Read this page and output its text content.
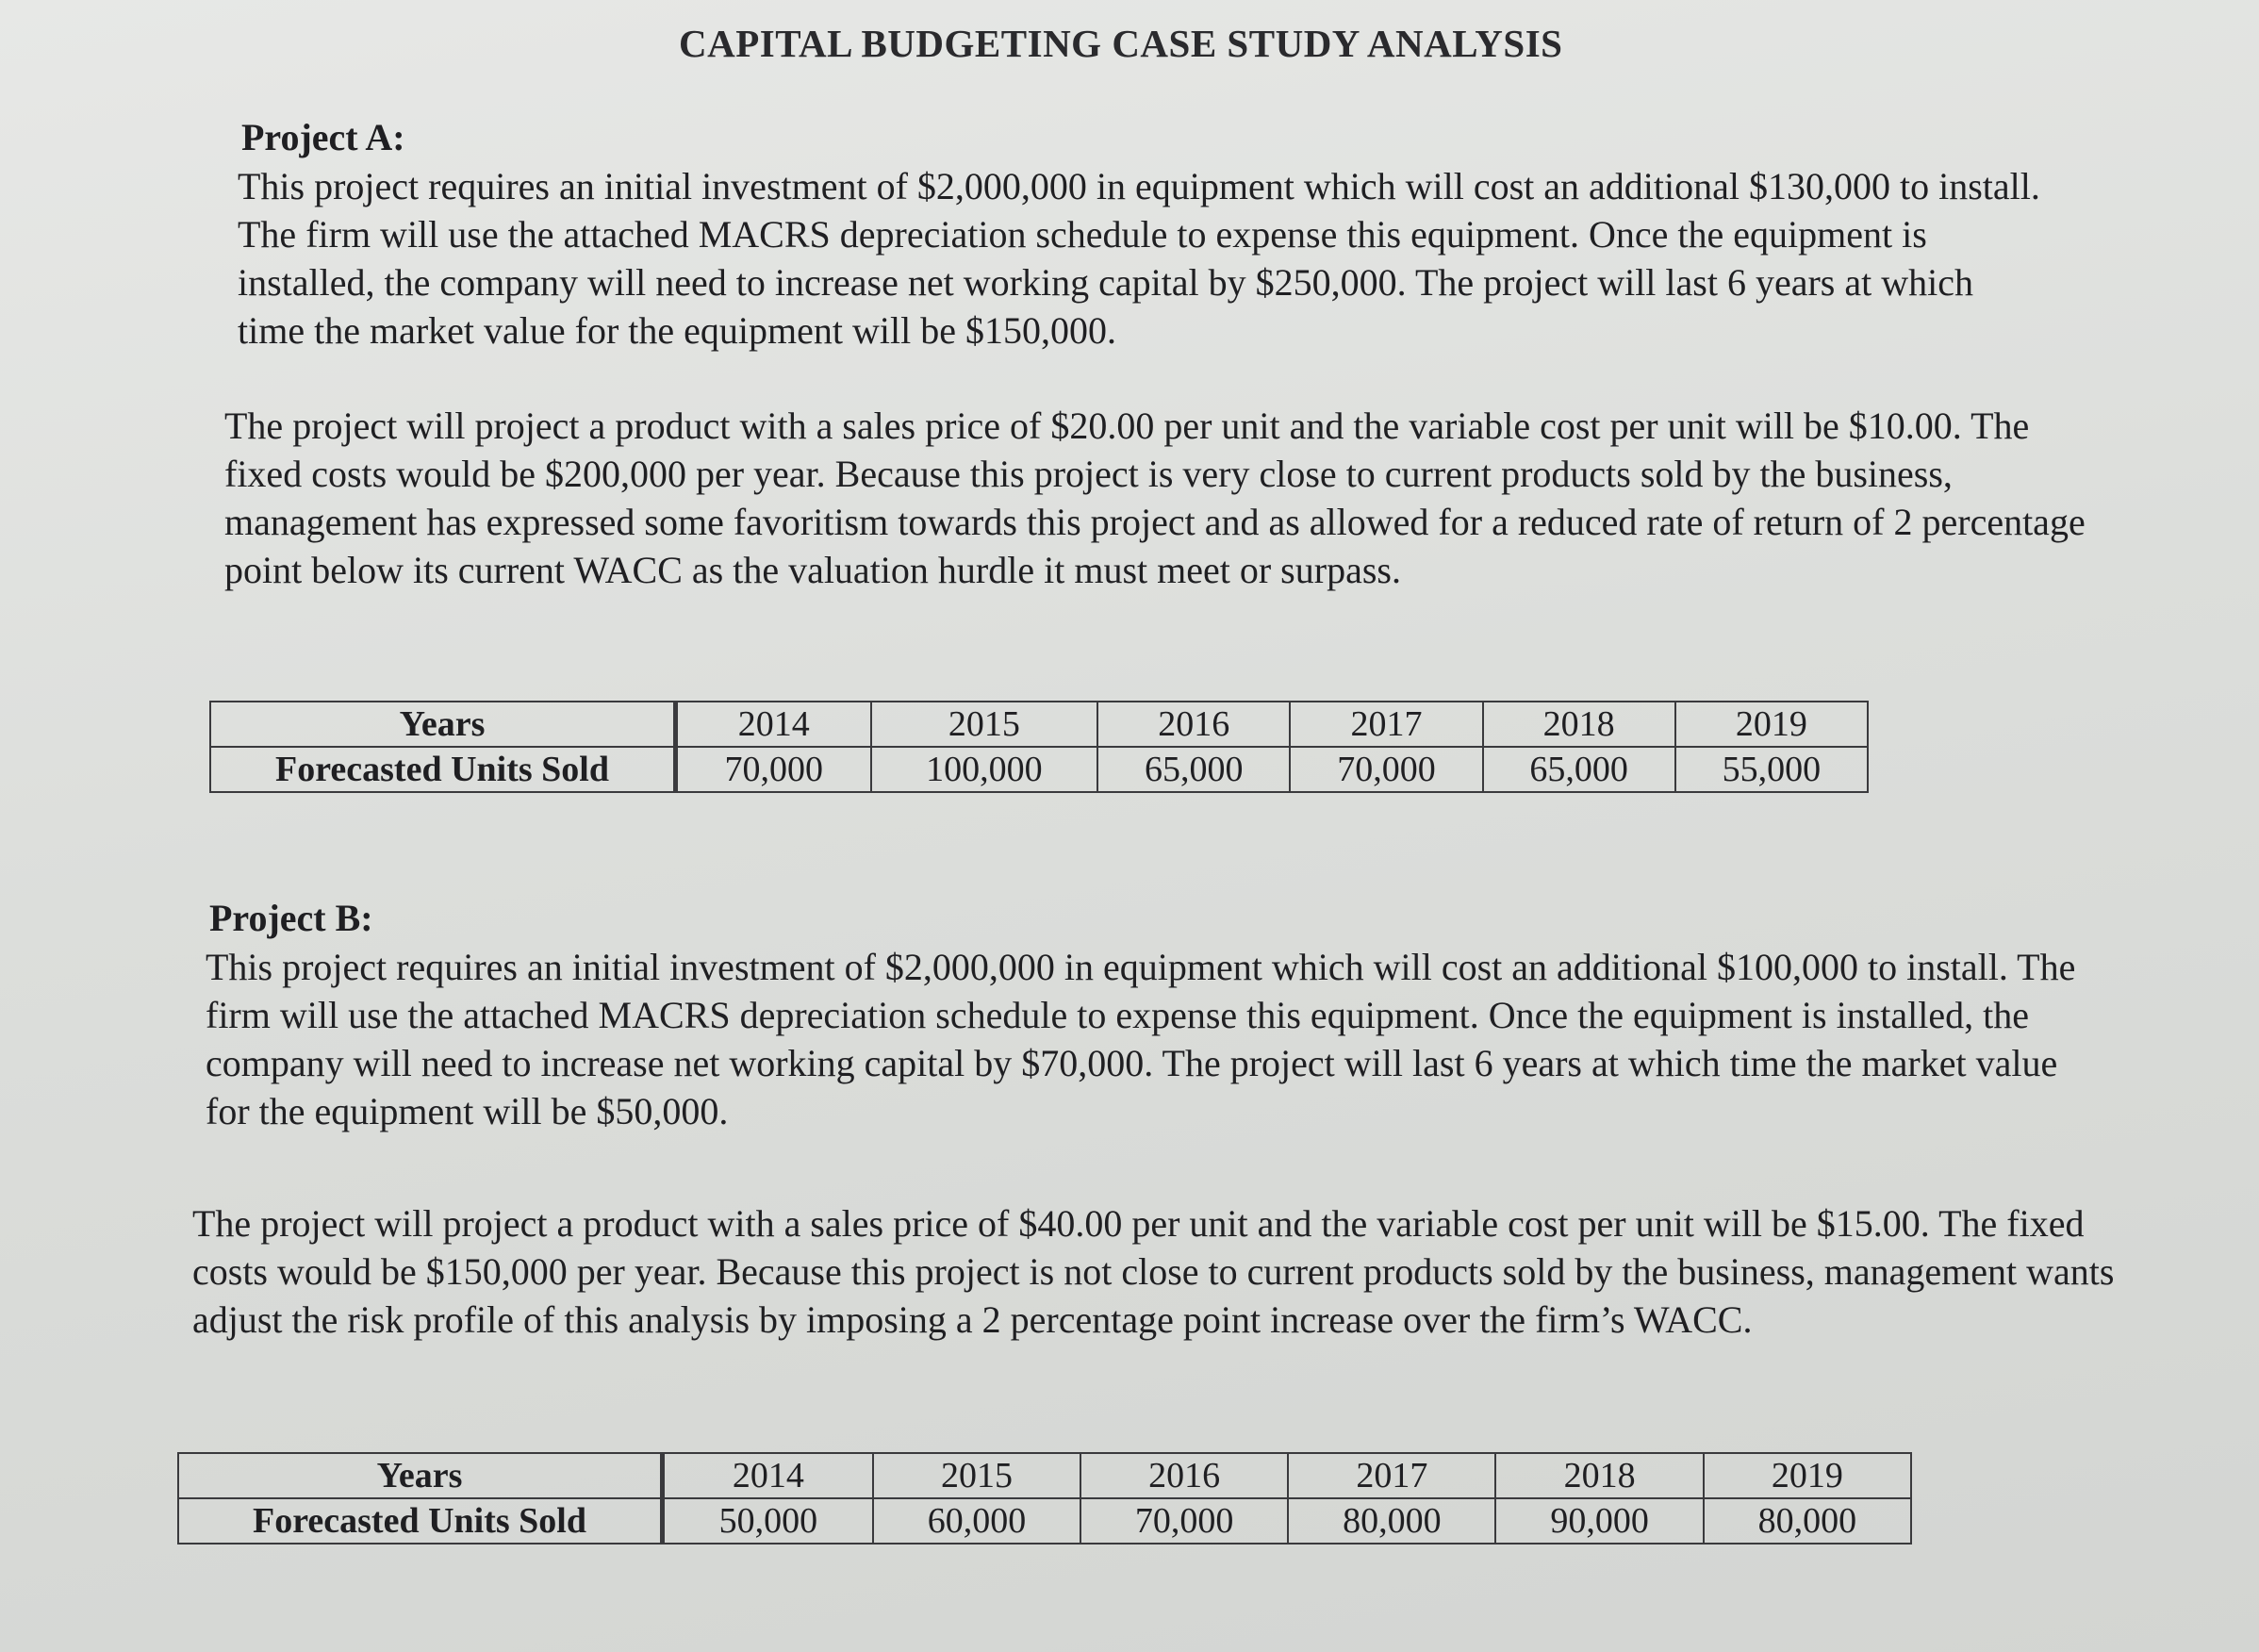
CAPITAL BUDGETING CASE STUDY ANALYSIS
Project A:
This project requires an initial investment of $2,000,000 in equipment which will cost an additional $130,000 to install. The firm will use the attached MACRS depreciation schedule to expense this equipment. Once the equipment is installed, the company will need to increase net working capital by $250,000. The project will last 6 years at which time the market value for the equipment will be $150,000.
The project will project a product with a sales price of $20.00 per unit and the variable cost per unit will be $10.00. The fixed costs would be $200,000 per year. Because this project is very close to current products sold by the business, management has expressed some favoritism towards this project and as allowed for a reduced rate of return of 2 percentage point below its current WACC as the valuation hurdle it must meet or surpass.
Years	2014	2015	2016	2017	2018	2019
Forecasted Units Sold	70,000	100,000	65,000	70,000	65,000	55,000
Project B:
This project requires an initial investment of $2,000,000 in equipment which will cost an additional $100,000 to install. The firm will use the attached MACRS depreciation schedule to expense this equipment. Once the equipment is installed, the company will need to increase net working capital by $70,000. The project will last 6 years at which time the market value for the equipment will be $50,000.
The project will project a product with a sales price of $40.00 per unit and the variable cost per unit will be $15.00. The fixed costs would be $150,000 per year. Because this project is not close to current products sold by the business, management wants adjust the risk profile of this analysis by imposing a 2 percentage point increase over the firm’s WACC.
Years	2014	2015	2016	2017	2018	2019
Forecasted Units Sold	50,000	60,000	70,000	80,000	90,000	80,000
